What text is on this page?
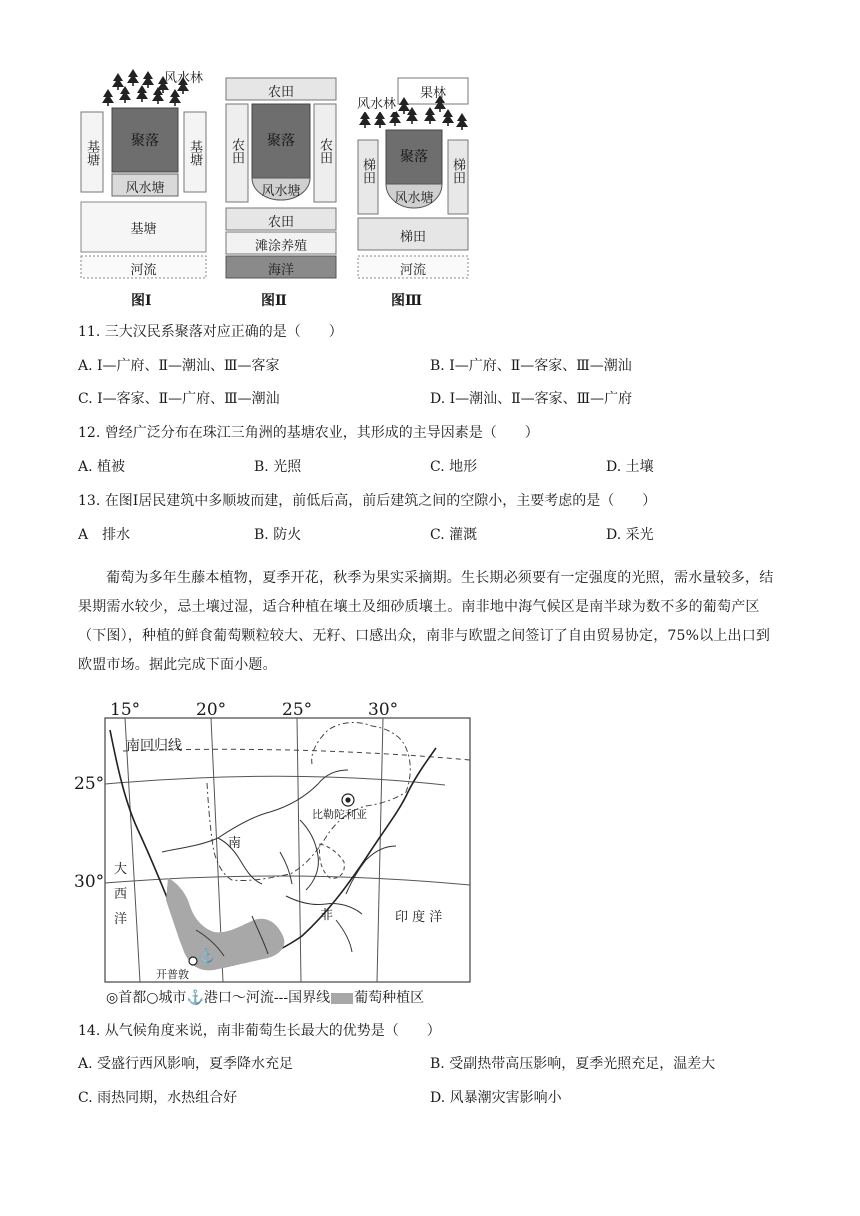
风水林
基塘	基塘
聚落
风水塘
基塘
河流
图Ⅰ
农田
农田	农田
聚落
风水塘
农田
滩涂养殖
海洋
图Ⅱ
果林
风水林
梯田	梯田
聚落
风水塘
梯田
河流
图Ⅲ
11. 三大汉民系聚落对应正确的是（　　）
A. Ⅰ—广府、Ⅱ—潮汕、Ⅲ—客家	B. Ⅰ—广府、Ⅱ—客家、Ⅲ—潮汕
C. Ⅰ—客家、Ⅱ—广府、Ⅲ—潮汕	D. Ⅰ—潮汕、Ⅱ—客家、Ⅲ—广府
12. 曾经广泛分布在珠江三角洲的基塘农业，其形成的主导因素是（　　）
A. 植被	B. 光照	C. 地形	D. 土壤
13. 在图Ⅰ居民建筑中多顺坡而建，前低后高，前后建筑之间的空隙小，主要考虑的是（　　）
A　排水	B. 防火	C. 灌溉	D. 采光
葡萄为多年生藤本植物，夏季开花，秋季为果实采摘期。生长期必须要有一定强度的光照，需水量较多，结果期需水较少，忌土壤过湿，适合种植在壤土及细砂质壤土。南非地中海气候区是南半球为数不多的葡萄产区（下图），种植的鲜食葡萄颗粒较大、无籽、口感出众，南非与欧盟之间签订了自由贸易协定，75%以上出口到欧盟市场。据此完成下面小题。
15°	20°	25°	30°
25°
30°
南回归线
比勒陀利亚
南
非
大
西
洋	印 度 洋
⚓
开普敦
◎首都○城市⚓港口〜河流---国界线 葡萄种植区
14. 从气候角度来说，南非葡萄生长最大的优势是（　　）
A. 受盛行西风影响，夏季降水充足	B. 受副热带高压影响，夏季光照充足，温差大
C. 雨热同期，水热组合好	D. 风暴潮灾害影响小
